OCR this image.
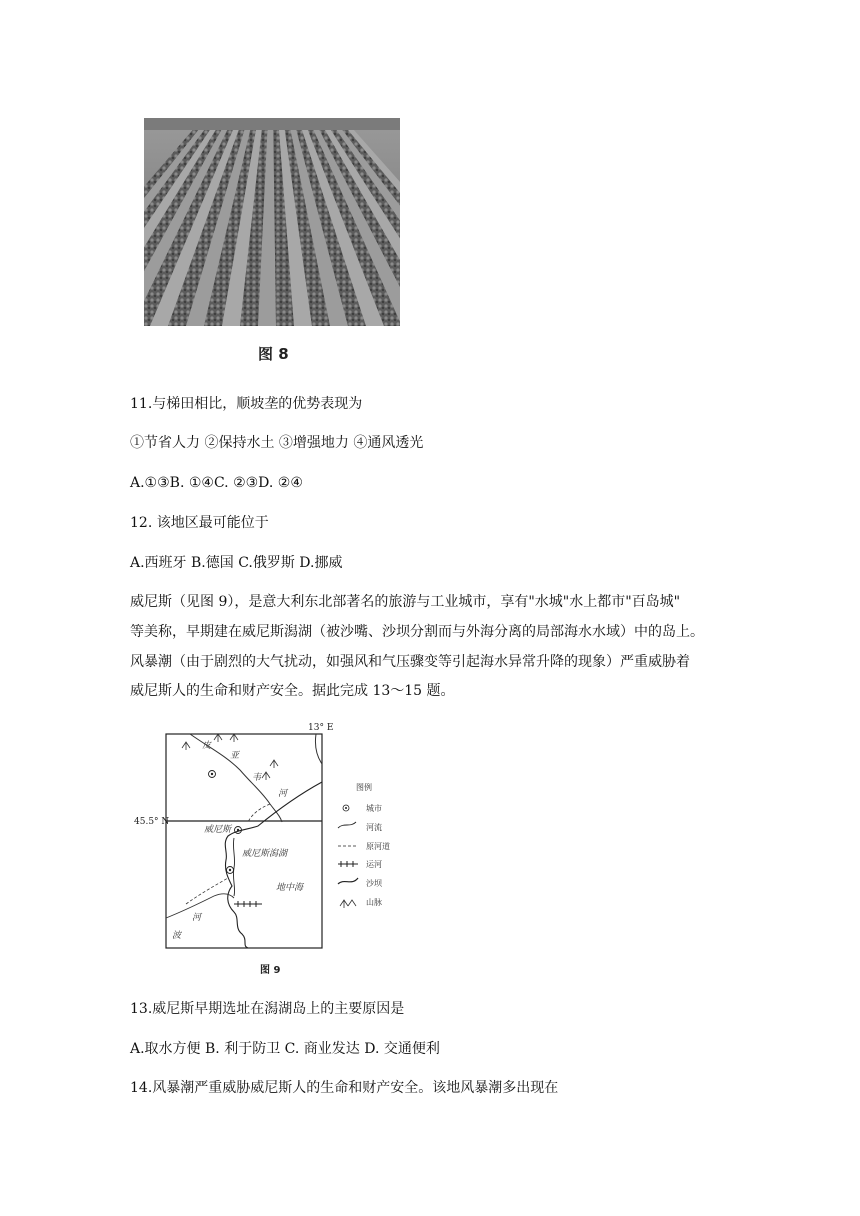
图 8
11.与梯田相比，顺坡垄的优势表现为
①节省人力 ②保持水土 ③增强地力 ④通风透光
A.①③B. ①④C. ②③D. ②④
12. 该地区最可能位于
A.西班牙 B.德国 C.俄罗斯 D.挪威
威尼斯（见图 9），是意大利东北部著名的旅游与工业城市，享有"水城"水上都市"百岛城"
等美称，早期建在威尼斯潟湖（被沙嘴、沙坝分割而与外海分离的局部海水水域）中的岛上。
风暴潮（由于剧烈的大气扰动，如强风和气压骤变等引起海水异常升降的现象）严重威胁着
威尼斯人的生命和财产安全。据此完成 13～15 题。
45.5° N
13° E
皮
亚
韦
河
威尼斯
威尼斯潟湖
地中海
波
河
图例
城市
河流
原河道
运河
沙坝
山脉
图 9
13.威尼斯早期选址在潟湖岛上的主要原因是
A.取水方便 B. 利于防卫 C. 商业发达 D. 交通便利
14.风暴潮严重威胁威尼斯人的生命和财产安全。该地风暴潮多出现在
